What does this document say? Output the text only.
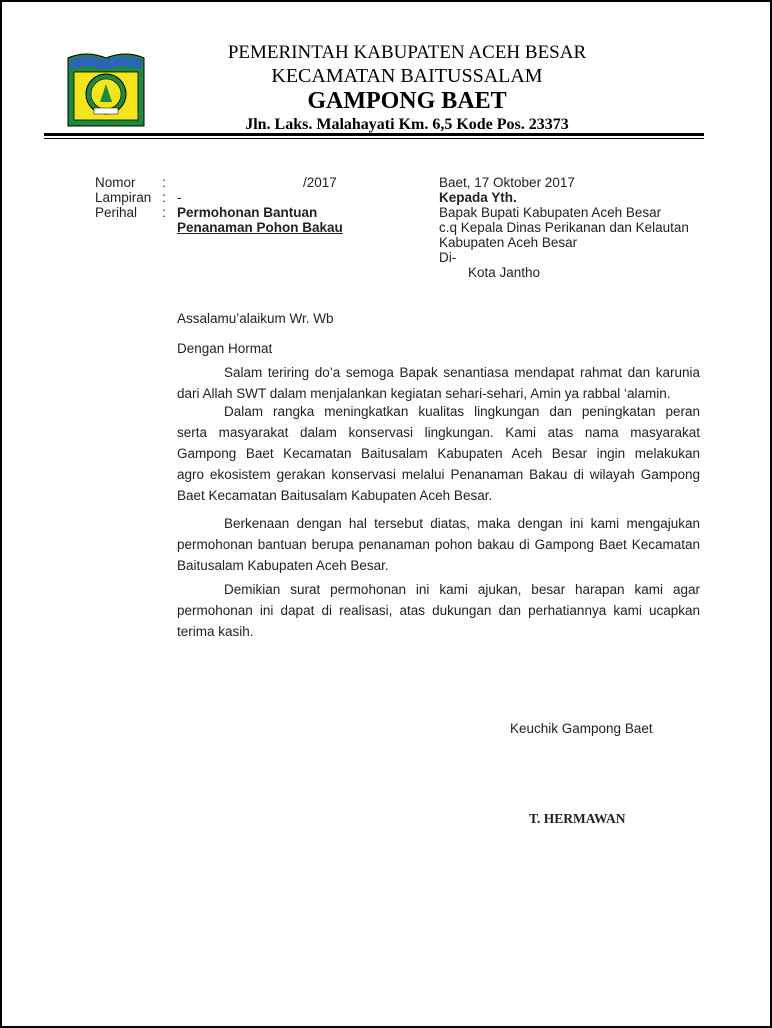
PEMERINTAH KABUPATEN ACEH BESAR
KECAMATAN BAITUSSALAM
GAMPONG BAET
Jln. Laks. Malahayati Km. 6,5 Kode Pos. 23373
Nomor :	/2017
Lampiran : -
Perihal : Permohonan Bantuan
Penanaman Pohon Bakau
Baet, 17 Oktober 2017
Kepada Yth.
Bapak Bupati Kabupaten Aceh Besar
c.q Kepala Dinas Perikanan dan Kelautan
Kabupaten Aceh Besar
Di-
Kota Jantho
Assalamu’alaikum Wr. Wb
Dengan Hormat
Salam teriring do’a semoga Bapak senantiasa mendapat rahmat dan karunia
dari Allah SWT dalam menjalankan kegiatan sehari-sehari, Amin ya rabbal ‘alamin.
Dalam rangka meningkatkan kualitas lingkungan dan peningkatan peran
serta masyarakat dalam konservasi lingkungan. Kami atas nama masyarakat
Gampong Baet Kecamatan Baitusalam Kabupaten Aceh Besar ingin melakukan
agro ekosistem gerakan konservasi melalui Penanaman Bakau di wilayah Gampong
Baet Kecamatan Baitusalam Kabupaten Aceh Besar.
Berkenaan dengan hal tersebut diatas, maka dengan ini kami mengajukan
permohonan bantuan berupa penanaman pohon bakau di Gampong Baet Kecamatan
Baitusalam Kabupaten Aceh Besar.
Demikian surat permohonan ini kami ajukan, besar harapan kami agar
permohonan ini dapat di realisasi, atas dukungan dan perhatiannya kami ucapkan
terima kasih.
Keuchik Gampong Baet
T. HERMAWAN
